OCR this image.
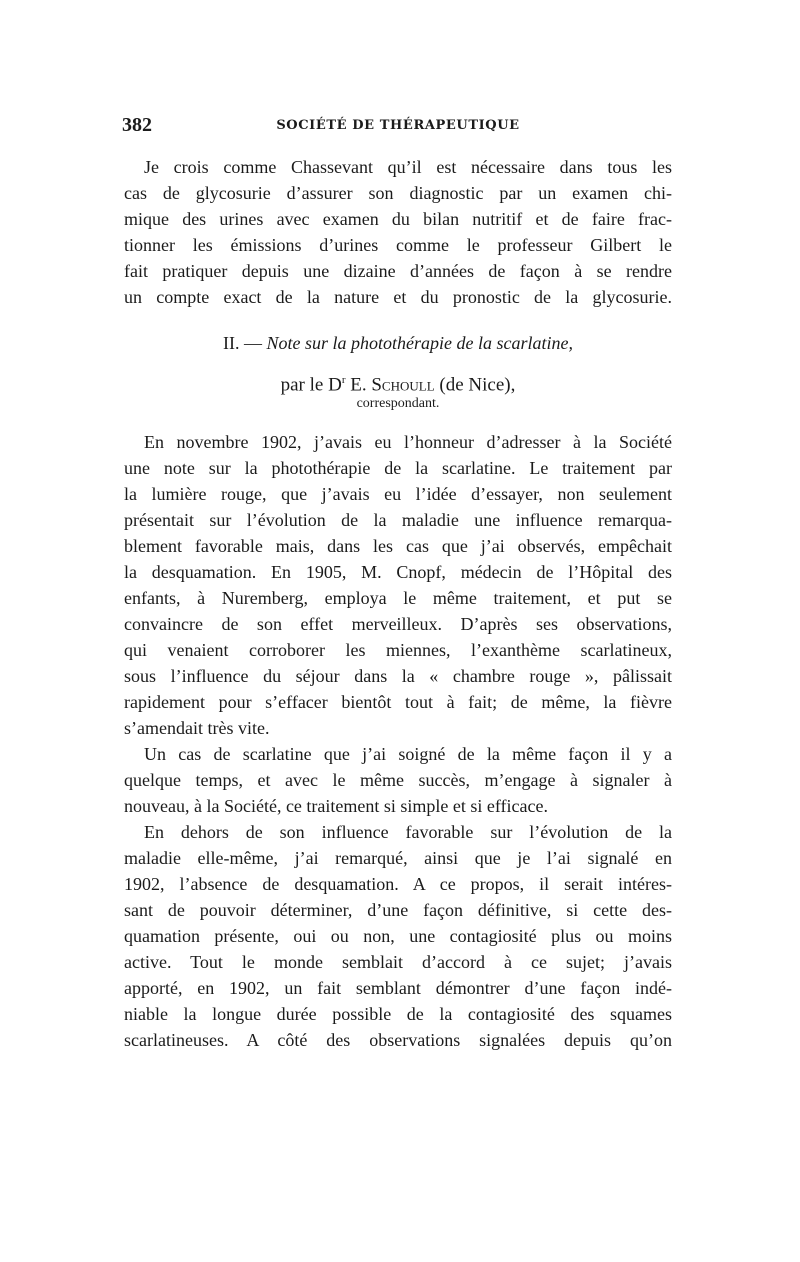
382	SOCIÉTÉ DE THÉRAPEUTIQUE
Je crois comme Chassevant qu’il est nécessaire dans tous les
cas de glycosurie d’assurer son diagnostic par un examen chi-
mique des urines avec examen du bilan nutritif et de faire frac-
tionner les émissions d’urines comme le professeur Gilbert le
fait pratiquer depuis une dizaine d’années de façon à se rendre
un compte exact de la nature et du pronostic de la glycosurie.
II. — Note sur la photothérapie de la scarlatine,
par le $D^r$ E. Schoull (de Nice),
correspondant.
En novembre 1902, j’avais eu l’honneur d’adresser à la Société
une note sur la photothérapie de la scarlatine. Le traitement par
la lumière rouge, que j’avais eu l’idée d’essayer, non seulement
présentait sur l’évolution de la maladie une influence remarqua-
blement favorable mais, dans les cas que j’ai observés, empêchait
la desquamation. En 1905, M. Cnopf, médecin de l’Hôpital des
enfants, à Nuremberg, employa le même traitement, et put se
convaincre de son effet merveilleux. D’après ses observations,
qui venaient corroborer les miennes, l’exanthème scarlatineux,
sous l’influence du séjour dans la « chambre rouge », pâlissait
rapidement pour s’effacer bientôt tout à fait; de même, la fièvre
s’amendait très vite.
Un cas de scarlatine que j’ai soigné de la même façon il y a
quelque temps, et avec le même succès, m’engage à signaler à
nouveau, à la Société, ce traitement si simple et si efficace.
En dehors de son influence favorable sur l’évolution de la
maladie elle-même, j’ai remarqué, ainsi que je l’ai signalé en
1902, l’absence de desquamation. A ce propos, il serait intéres-
sant de pouvoir déterminer, d’une façon définitive, si cette des-
quamation présente, oui ou non, une contagiosité plus ou moins
active. Tout le monde semblait d’accord à ce sujet; j’avais
apporté, en 1902, un fait semblant démontrer d’une façon indé-
niable la longue durée possible de la contagiosité des squames
scarlatineuses. A côté des observations signalées depuis qu’on
